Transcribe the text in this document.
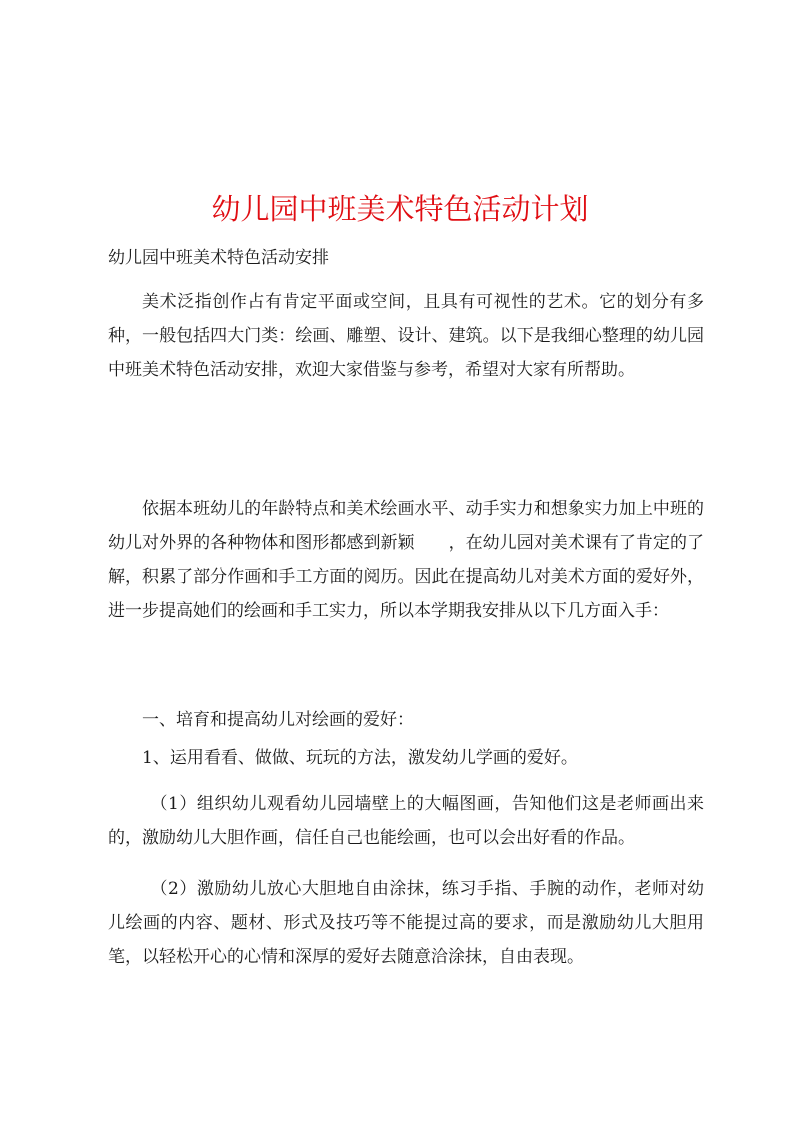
幼儿园中班美术特色活动计划
幼儿园中班美术特色活动安排

美术泛指创作占有肯定平面或空间，且具有可视性的艺术。它的划分有多种，一般包括四大门类：绘画、雕塑、设计、建筑。以下是我细心整理的幼儿园中班美术特色活动安排，欢迎大家借鉴与参考，希望对大家有所帮助。

依据本班幼儿的年龄特点和美术绘画水平、动手实力和想象实力加上中班的幼儿对外界的各种物体和图形都感到新颖　　，在幼儿园对美术课有了肯定的了解，积累了部分作画和手工方面的阅历。因此在提高幼儿对美术方面的爱好外，进一步提高她们的绘画和手工实力，所以本学期我安排从以下几方面入手：

一、培育和提高幼儿对绘画的爱好：

1、运用看看、做做、玩玩的方法，激发幼儿学画的爱好。

（1）组织幼儿观看幼儿园墙壁上的大幅图画，告知他们这是老师画出来的，激励幼儿大胆作画，信任自己也能绘画，也可以会出好看的作品。

（2）激励幼儿放心大胆地自由涂抹，练习手指、手腕的动作，老师对幼儿绘画的内容、题材、形式及技巧等不能提过高的要求，而是激励幼儿大胆用笔，以轻松开心的心情和深厚的爱好去随意洽涂抹，自由表现。
